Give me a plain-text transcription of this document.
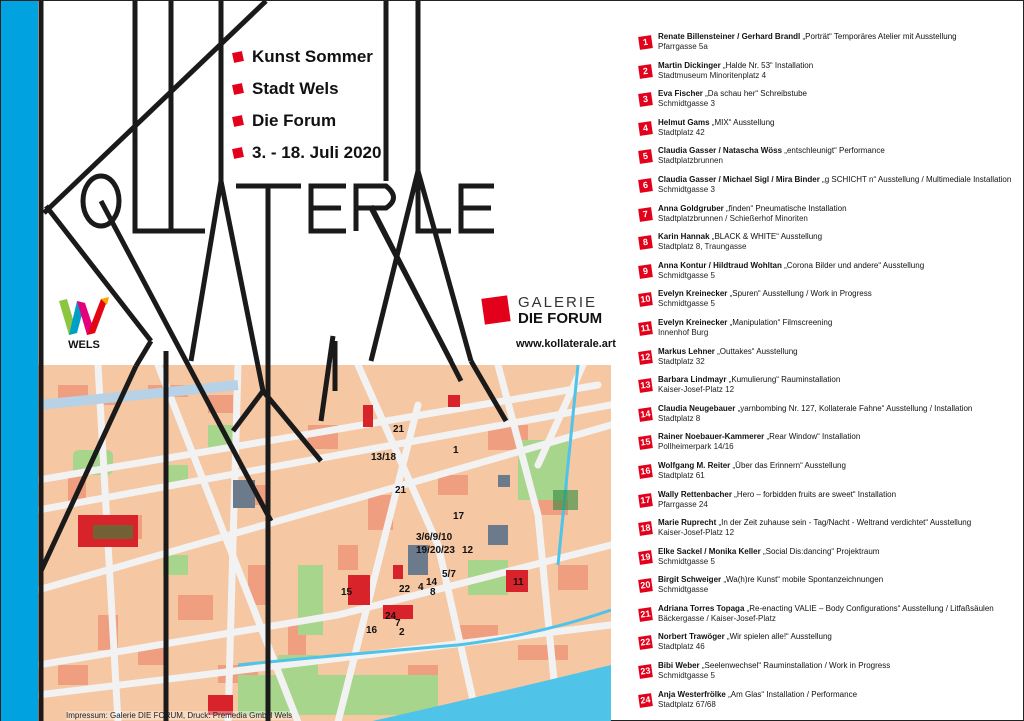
21
1
13/18
21
17
3/6/9/10
19/20/23 12
5/7
14
22 4 8
11
15
24
7
16 2
Impressum: Galerie DIE FORUM, Druck: Premedia GmbH Wels
Kunst Sommer
Stadt Wels
Die Forum
3. - 18. Juli 2020
WELS
GALERIE
DIE FORUM
www.kollaterale.art
1
Renate Billensteiner / Gerhard Brandl „Porträt“ Temporäres Atelier mit Ausstellung
Pfarrgasse 5a
2
Martin Dickinger „Halde Nr. 53“ Installation
Stadtmuseum Minoritenplatz 4
3
Eva Fischer „Da schau her“ Schreibstube
Schmidtgasse 3
4
Helmut Gams „MIX“ Ausstellung
Stadtplatz 42
5
Claudia Gasser / Natascha Wöss „entschleunigt“ Performance
Stadtplatzbrunnen
6
Claudia Gasser / Michael Sigl / Mira Binder „g SCHICHT n“ Ausstellung / Multimediale Installation
Schmidtgasse 3
7
Anna Goldgruber „finden“ Pneumatische Installation
Stadtplatzbrunnen / Schießerhof Minoriten
8
Karin Hannak „BLACK & WHITE“ Ausstellung
Stadtplatz 8, Traungasse
9
Anna Kontur / Hildtraud Wohltan „Corona Bilder und andere“ Ausstellung
Schmidtgasse 5
10 Evelyn Kreinecker „Spuren“ Ausstellung / Work in Progress
Schmidtgasse 5
11 Evelyn Kreinecker „Manipulation“ Filmscreening
Innenhof Burg
12 Markus Lehner „Outtakes“ Ausstellung
Stadtplatz 32
13 Barbara Lindmayr „Kumulierung“ Rauminstallation
Kaiser-Josef-Platz 12
14 Claudia Neugebauer „yarnbombing Nr. 127, Kollaterale Fahne“ Ausstellung / Installation
Stadtplatz 8
15 Rainer Noebauer-Kammerer „Rear Window“ Installation
Pollheimerpark 14/16
16 Wolfgang M. Reiter „Über das Erinnern“ Ausstellung
Stadtplatz 61
17 Wally Rettenbacher „Hero – forbidden fruits are sweet“ Installation
Pfarrgasse 24
18 Marie Ruprecht „In der Zeit zuhause sein - Tag/Nacht - Weltrand verdichtet“ Ausstellung
Kaiser-Josef-Platz 12
19 Elke Sackel / Monika Keller „Social Dis:dancing“ Projektraum
Schmidtgasse 5
20 Birgit Schweiger „Wa(h)re Kunst“ mobile Spontanzeichnungen
Schmidtgasse
21 Adriana Torres Topaga „Re-enacting VALIE – Body Configurations“ Ausstellung / Litfaßsäulen
Bäckergasse / Kaiser-Josef-Platz
22 Norbert Trawöger „Wir spielen alle!“ Ausstellung
Stadtplatz 46
23 Bibi Weber „Seelenwechsel“ Rauminstallation / Work in Progress
Schmidtgasse 5
24 Anja Westerfrölke „Am Glas“ Installation / Performance
Stadtplatz 67/68
